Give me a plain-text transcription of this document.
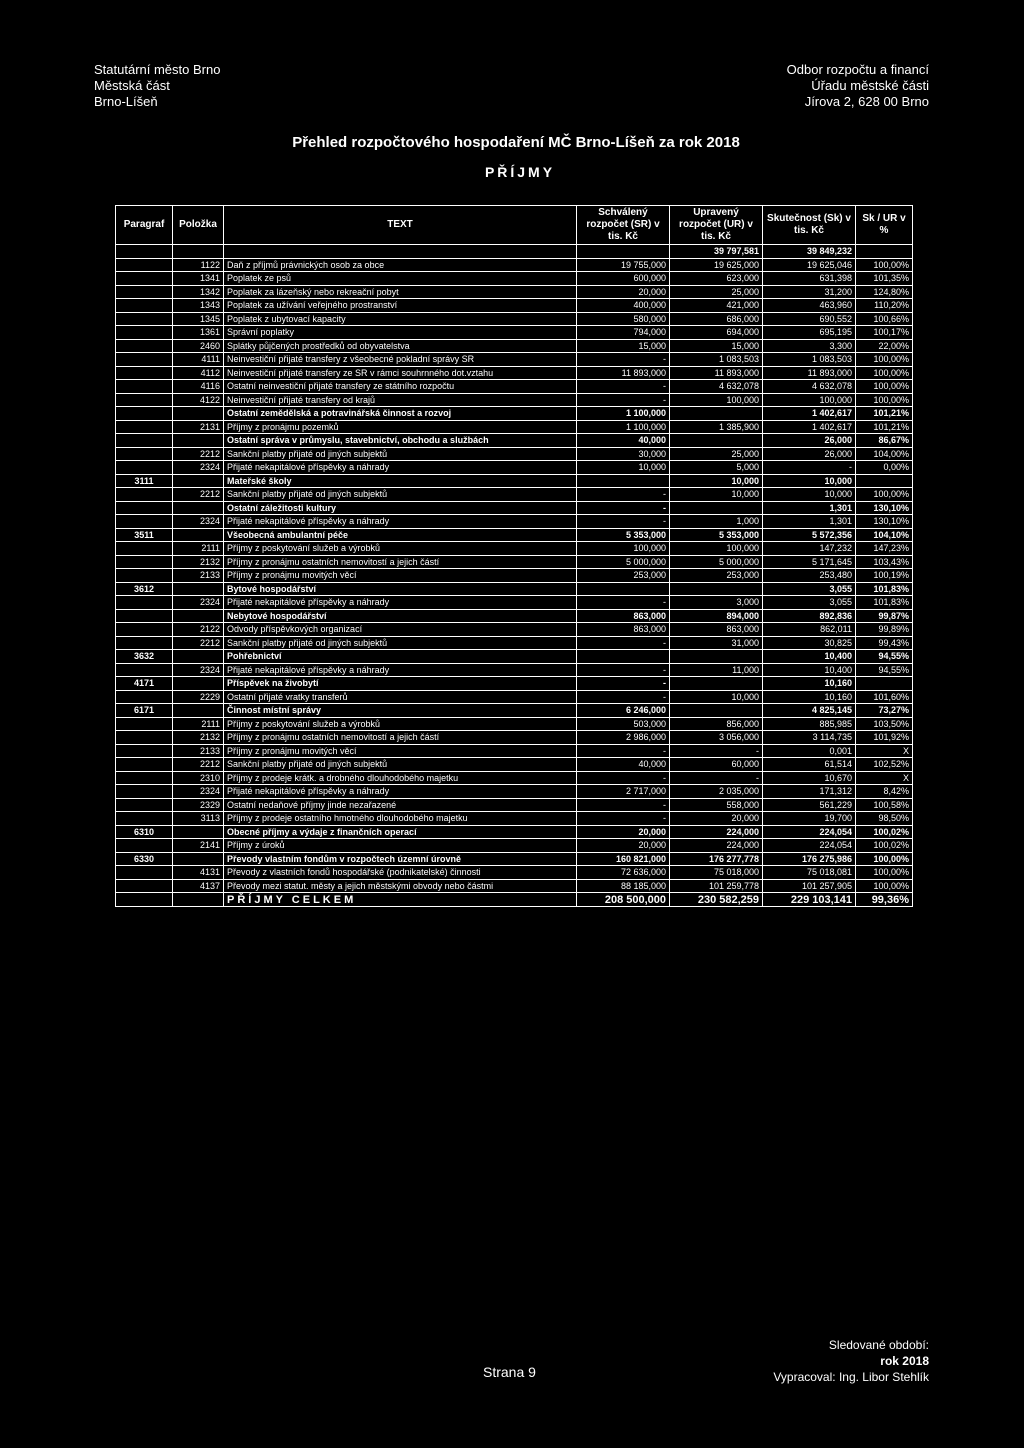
Statutární město Brno
Městská část
Brno-Líšeň
Odbor rozpočtu a financí
Úřadu městské části
Jírova 2, 628 00 Brno
Přehled rozpočtového hospodaření MČ Brno-Líšeň za rok 2018
PŘÍJMY
Paragraf	Položka	TEXT	Schválený rozpočet (SR) v tis. Kč	Upravený rozpočet (UR) v tis. Kč	Skutečnost (Sk) v tis. Kč	Sk / UR v %
				39 797,581	39 849,232	
	1122	Daň z příjmů právnických osob za obce	19 755,000	19 625,000	19 625,046	100,00%
	1341	Poplatek ze psů	600,000	623,000	631,398	101,35%
	1342	Poplatek za lázeňský nebo rekreační pobyt	20,000	25,000	31,200	124,80%
	1343	Poplatek za užívání veřejného prostranství	400,000	421,000	463,960	110,20%
	1345	Poplatek z ubytovací kapacity	580,000	686,000	690,552	100,66%
	1361	Správní poplatky	794,000	694,000	695,195	100,17%
	2460	Splátky půjčených prostředků od obyvatelstva	15,000	15,000	3,300	22,00%
	4111	Neinvestiční přijaté transfery z všeobecné pokladní správy SR	-	1 083,503	1 083,503	100,00%
	4112	Neinvestiční přijaté transfery ze SR v rámci souhrnného dot.vztahu	11 893,000	11 893,000	11 893,000	100,00%
	4116	Ostatní neinvestiční přijaté transfery ze státního rozpočtu	-	4 632,078	4 632,078	100,00%
	4122	Neinvestiční přijaté transfery od krajů	-	100,000	100,000	100,00%
		Ostatní zemědělská a potravinářská činnost a rozvoj	1 100,000		1 402,617	101,21%
	2131	Příjmy z pronájmu pozemků	1 100,000	1 385,900	1 402,617	101,21%
		Ostatní správa v průmyslu, stavebnictví, obchodu a službách	40,000		26,000	86,67%
	2212	Sankční platby přijaté od jiných subjektů	30,000	25,000	26,000	104,00%
	2324	Přijaté nekapitálové příspěvky a náhrady	10,000	5,000	-	0,00%
3111		Mateřské školy		10,000	10,000	
	2212	Sankční platby přijaté od jiných subjektů	-	10,000	10,000	100,00%
		Ostatní záležitosti kultury	-		1,301	130,10%
	2324	Přijaté nekapitálové příspěvky a náhrady	-	1,000	1,301	130,10%
3511		Všeobecná ambulantní péče	5 353,000	5 353,000	5 572,356	104,10%
	2111	Příjmy z poskytování služeb a výrobků	100,000	100,000	147,232	147,23%
	2132	Příjmy z pronájmu ostatních nemovitostí a jejich částí	5 000,000	5 000,000	5 171,645	103,43%
	2133	Příjmy z pronájmu movitých věcí	253,000	253,000	253,480	100,19%
3612		Bytové hospodářství			3,055	101,83%
	2324	Přijaté nekapitálové příspěvky a náhrady	-	3,000	3,055	101,83%
		Nebytové hospodářství	863,000	894,000	892,836	99,87%
	2122	Odvody příspěvkových organizací	863,000	863,000	862,011	99,89%
	2212	Sankční platby přijaté od jiných subjektů	-	31,000	30,825	99,43%
3632		Pohřebnictví			10,400	94,55%
	2324	Přijaté nekapitálové příspěvky a náhrady	-	11,000	10,400	94,55%
4171		Příspěvek na živobytí	-		10,160	
	2229	Ostatní přijaté vratky transferů	-	10,000	10,160	101,60%
6171		Činnost místní správy	6 246,000		4 825,145	73,27%
	2111	Příjmy z poskytování služeb a výrobků	503,000	856,000	885,985	103,50%
	2132	Příjmy z pronájmu ostatních nemovitostí a jejich částí	2 986,000	3 056,000	3 114,735	101,92%
	2133	Příjmy z pronájmu movitých věcí	-	-	0,001	X
	2212	Sankční platby přijaté od jiných subjektů	40,000	60,000	61,514	102,52%
	2310	Příjmy z prodeje krátk. a drobného dlouhodobého majetku	-	-	10,670	X
	2324	Přijaté nekapitálové příspěvky a náhrady	2 717,000	2 035,000	171,312	8,42%
	2329	Ostatní nedaňové příjmy jinde nezařazené	-	558,000	561,229	100,58%
	3113	Příjmy z prodeje ostatního hmotného dlouhodobého majetku	-	20,000	19,700	98,50%
6310		Obecné příjmy a výdaje z finančních operací	20,000	224,000	224,054	100,02%
	2141	Příjmy z úroků	20,000	224,000	224,054	100,02%
6330		Převody vlastním fondům v rozpočtech územní úrovně	160 821,000	176 277,778	176 275,986	100,00%
	4131	Převody z vlastních fondů hospodářské (podnikatelské) činnosti	72 636,000	75 018,000	75 018,081	100,00%
	4137	Převody mezi statut. městy a jejich městskými obvody nebo částmi	88 185,000	101 259,778	101 257,905	100,00%
		PŘÍJMY CELKEM	208 500,000	230 582,259	229 103,141	99,36%
Strana 9
Sledované období:
rok 2018
Vypracoval: Ing. Libor Stehlík
